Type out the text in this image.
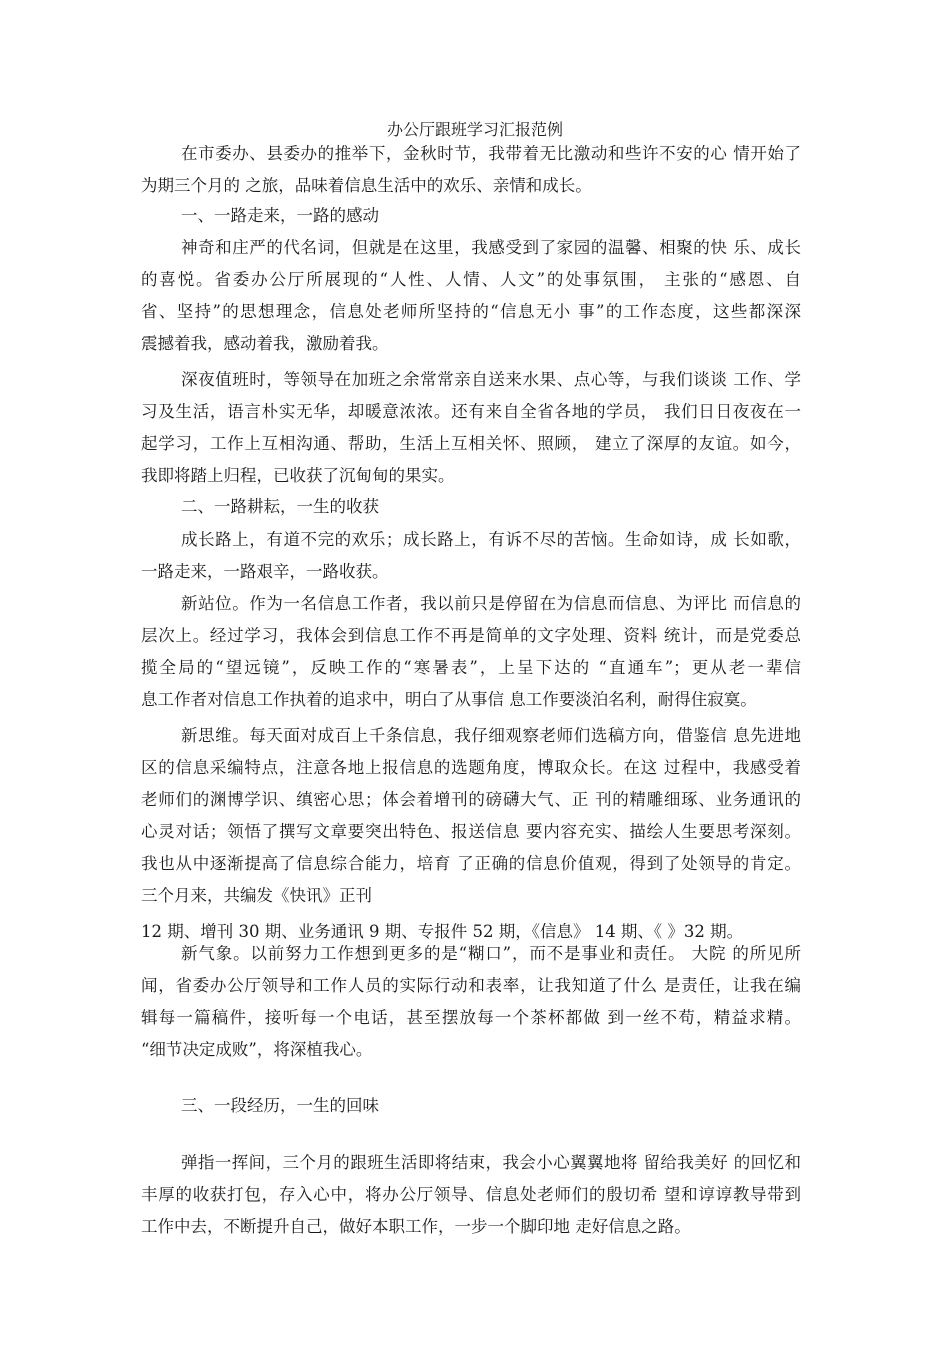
办公厅跟班学习汇报范例
在市委办、县委办的推举下，金秋时节，我带着无比激动和些许不安的心 情开始了
为期三个月的 之旅，品味着信息生活中的欢乐、亲情和成长。
一、一路走来，一路的感动
神奇和庄严的代名词，但就是在这里，我感受到了家园的温馨、相聚的快 乐、成长
的喜悦。省委办公厅所展现的“人性、人情、人文”的处事氛围， 主张的“感恩、自
省、坚持”的思想理念，信息处老师所坚持的“信息无小 事”的工作态度，这些都深深
震撼着我，感动着我，激励着我。
深夜值班时，等领导在加班之余常常亲自送来水果、点心等，与我们谈谈 工作、学
习及生活，语言朴实无华，却暖意浓浓。还有来自全省各地的学员， 我们日日夜夜在一
起学习，工作上互相沟通、帮助，生活上互相关怀、照顾， 建立了深厚的友谊。如今，
我即将踏上归程，已收获了沉甸甸的果实。
二、一路耕耘，一生的收获
成长路上，有道不完的欢乐；成长路上，有诉不尽的苦恼。生命如诗，成 长如歌，
一路走来，一路艰辛，一路收获。
新站位。作为一名信息工作者，我以前只是停留在为信息而信息、为评比 而信息的
层次上。经过学习，我体会到信息工作不再是简单的文字处理、资料 统计，而是党委总
揽全局的“望远镜”，反映工作的“寒暑表”，上呈下达的 “直通车”；更从老一辈信
息工作者对信息工作执着的追求中，明白了从事信 息工作要淡泊名利，耐得住寂寞。
新思维。每天面对成百上千条信息，我仔细观察老师们选稿方向，借鉴信 息先进地
区的信息采编特点，注意各地上报信息的选题角度，博取众长。在这 过程中，我感受着
老师们的渊博学识、缜密心思；体会着增刊的磅礴大气、正 刊的精雕细琢、业务通讯的
心灵对话；领悟了撰写文章要突出特色、报送信息 要内容充实、描绘人生要思考深刻。
我也从中逐渐提高了信息综合能力，培育 了正确的信息价值观，得到了处领导的肯定。
三个月来，共编发《快讯》正刊
12 期、增刊 30 期、业务通讯 9 期、专报件 52 期，《信息》 14 期、《 》32 期。
新气象。以前努力工作想到更多的是“糊口”，而不是事业和责任。 大院 的所见所
闻，省委办公厅领导和工作人员的实际行动和表率，让我知道了什么 是责任，让我在编
辑每一篇稿件，接听每一个电话，甚至摆放每一个茶杯都做 到一丝不苟，精益求精。
“细节决定成败”，将深植我心。
三、一段经历，一生的回味
弹指一挥间，三个月的跟班生活即将结束，我会小心翼翼地将 留给我美好 的回忆和
丰厚的收获打包，存入心中，将办公厅领导、信息处老师们的殷切希 望和谆谆教导带到
工作中去，不断提升自己，做好本职工作，一步一个脚印地 走好信息之路。
